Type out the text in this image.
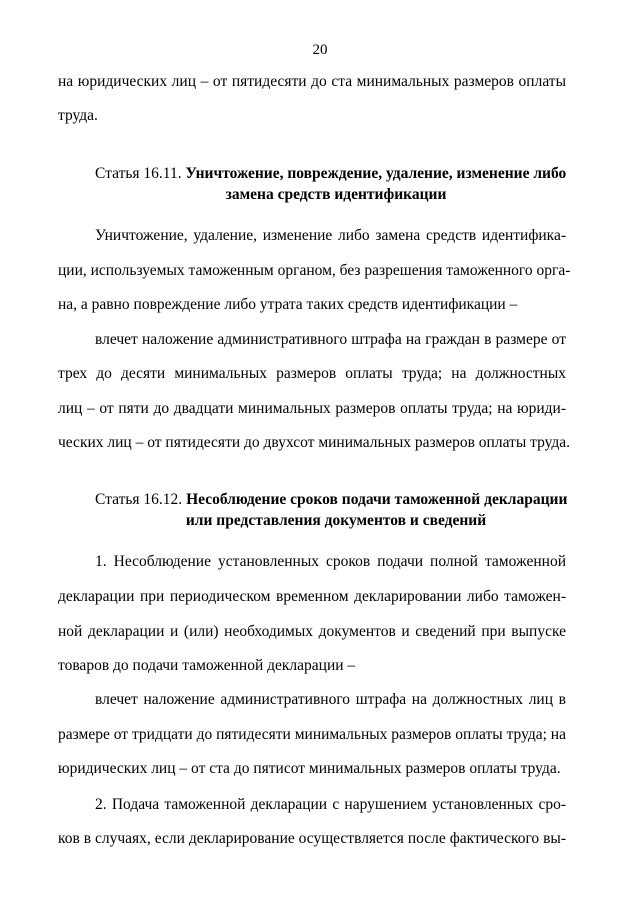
20
на юридических лиц – от пятидесяти до ста минимальных размеров оплаты
труда.
Статья 16.11. Уничтожение, повреждение, удаление, изменение либо
замена средств идентификации
Уничтожение, удаление, изменение либо замена средств идентифика-
ции, используемых таможенным органом, без разрешения таможенного орга-
на, а равно повреждение либо утрата таких средств идентификации –
влечет наложение административного штрафа на граждан в размере от
трех до десяти минимальных размеров оплаты труда; на должностных
лиц – от пяти до двадцати минимальных размеров оплаты труда; на юриди-
ческих лиц – от пятидесяти до двухсот минимальных размеров оплаты труда.
Статья 16.12. Несоблюдение сроков подачи таможенной декларации
или представления документов и сведений
1. Несоблюдение установленных сроков подачи полной таможенной
декларации при периодическом временном декларировании либо таможен-
ной декларации и (или) необходимых документов и сведений при выпуске
товаров до подачи таможенной декларации –
влечет наложение административного штрафа на должностных лиц в
размере от тридцати до пятидесяти минимальных размеров оплаты труда; на
юридических лиц – от ста до пятисот минимальных размеров оплаты труда.
2. Подача таможенной декларации с нарушением установленных сро-
ков в случаях, если декларирование осуществляется после фактического вы-
